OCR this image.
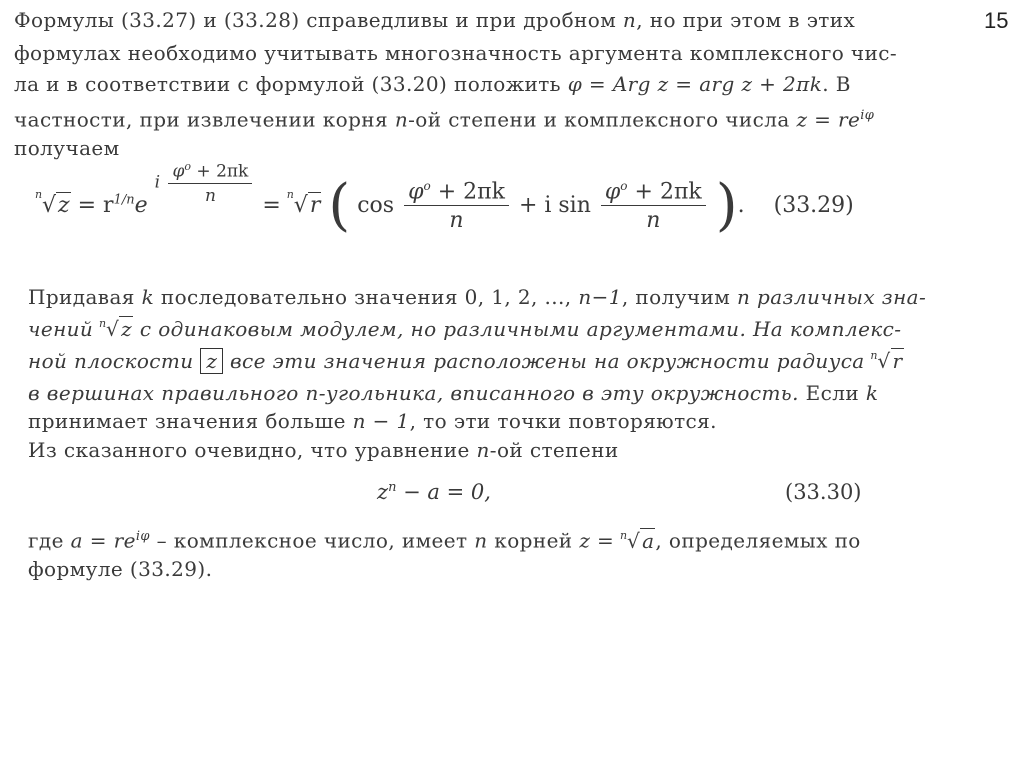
15
Формулы (33.27) и (33.28) справедливы и при дробном n, но при этом в этих
формулах необходимо учитывать многозначность аргумента комплексного чис-
ла и в соответствии с формулой (33.20) положить φ = Arg z = arg z + 2πk. В
частности, при извлечении корня n-ой степени и комплексного числа $z = re^{i\varphi}$
получаем
n $√z = r^{1/n}e$ i $\frac{\varphi^o + 2\pi k}{n} = n$ √r ( $\cos \frac{\varphi^o + 2\pi k}{n} + i$ $\sin \frac{\varphi^o + 2\pi k}{n}$ ). (33.29)
Придавая k последовательно значения 0, 1, 2, ..., n−1, получим n различных зна-
чений n √ z с одинаковым модулем, но различными аргументами. На комплекс-
ной плоскости z все эти значения расположены на окружности радиуса n √ r
в вершинах правильного n-угольника, вписанного в эту окружность. Если k
принимает значения больше n − 1, то эти точки повторяются.
Из сказанного очевидно, что уравнение n-ой степени
$z^n - a = 0$,	(33.30)
где $a = re^{i\varphi}$ – комплексное число, имеет n корней z = n √ a, определяемых по
формуле (33.29).
